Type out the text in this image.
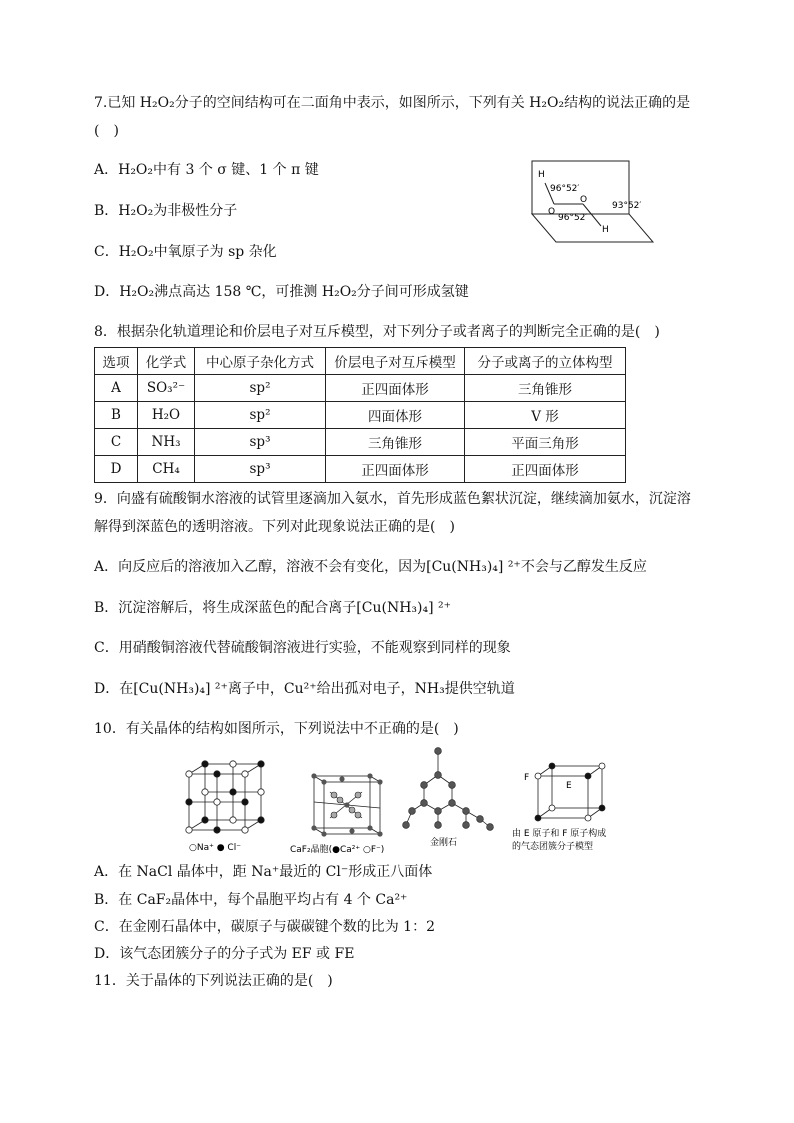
7.已知 H₂O₂分子的空间结构可在二面角中表示，如图所示，下列有关 H₂O₂结构的说法正确的是
(　)
A．H₂O₂中有 3 个 σ 键、1 个 π 键
B．H₂O₂为非极性分子
C．H₂O₂中氧原子为 sp 杂化
D．H₂O₂沸点高达 158 ℃，可推测 H₂O₂分子间可形成氢键
H
O
O
H
96°52′
96°52′
93°52′
8．根据杂化轨道理论和价层电子对互斥模型，对下列分子或者离子的判断完全正确的是(　)
选项	化学式	中心原子杂化方式	价层电子对互斥模型	分子或离子的立体构型
A	SO₃²⁻	sp²	正四面体形	三角锥形
B	H₂O	sp²	四面体形	V 形
C	NH₃	sp³	三角锥形	平面三角形
D	CH₄	sp³	正四面体形	正四面体形
9．向盛有硫酸铜水溶液的试管里逐滴加入氨水，首先形成蓝色絮状沉淀，继续滴加氨水，沉淀溶
解得到深蓝色的透明溶液。下列对此现象说法正确的是(　)
A．向反应后的溶液加入乙醇，溶液不会有变化，因为[Cu(NH₃)₄] ²⁺不会与乙醇发生反应
B．沉淀溶解后，将生成深蓝色的配合离子[Cu(NH₃)₄] ²⁺
C．用硝酸铜溶液代替硫酸铜溶液进行实验，不能观察到同样的现象
D．在[Cu(NH₃)₄] ²⁺离子中，Cu²⁺给出孤对电子，NH₃提供空轨道
10．有关晶体的结构如图所示，下列说法中不正确的是(　)
○Na⁺ ● Cl⁻	CaF₂晶胞(●Ca²⁺ ○F⁻)
金刚石
F
E
由 E 原子和 F 原子构成
的气态团簇分子模型
A．在 NaCl 晶体中，距 Na⁺最近的 Cl⁻形成正八面体
B．在 CaF₂晶体中，每个晶胞平均占有 4 个 Ca²⁺
C．在金刚石晶体中，碳原子与碳碳键个数的比为 1：2
D．该气态团簇分子的分子式为 EF 或 FE
11．关于晶体的下列说法正确的是(　)
